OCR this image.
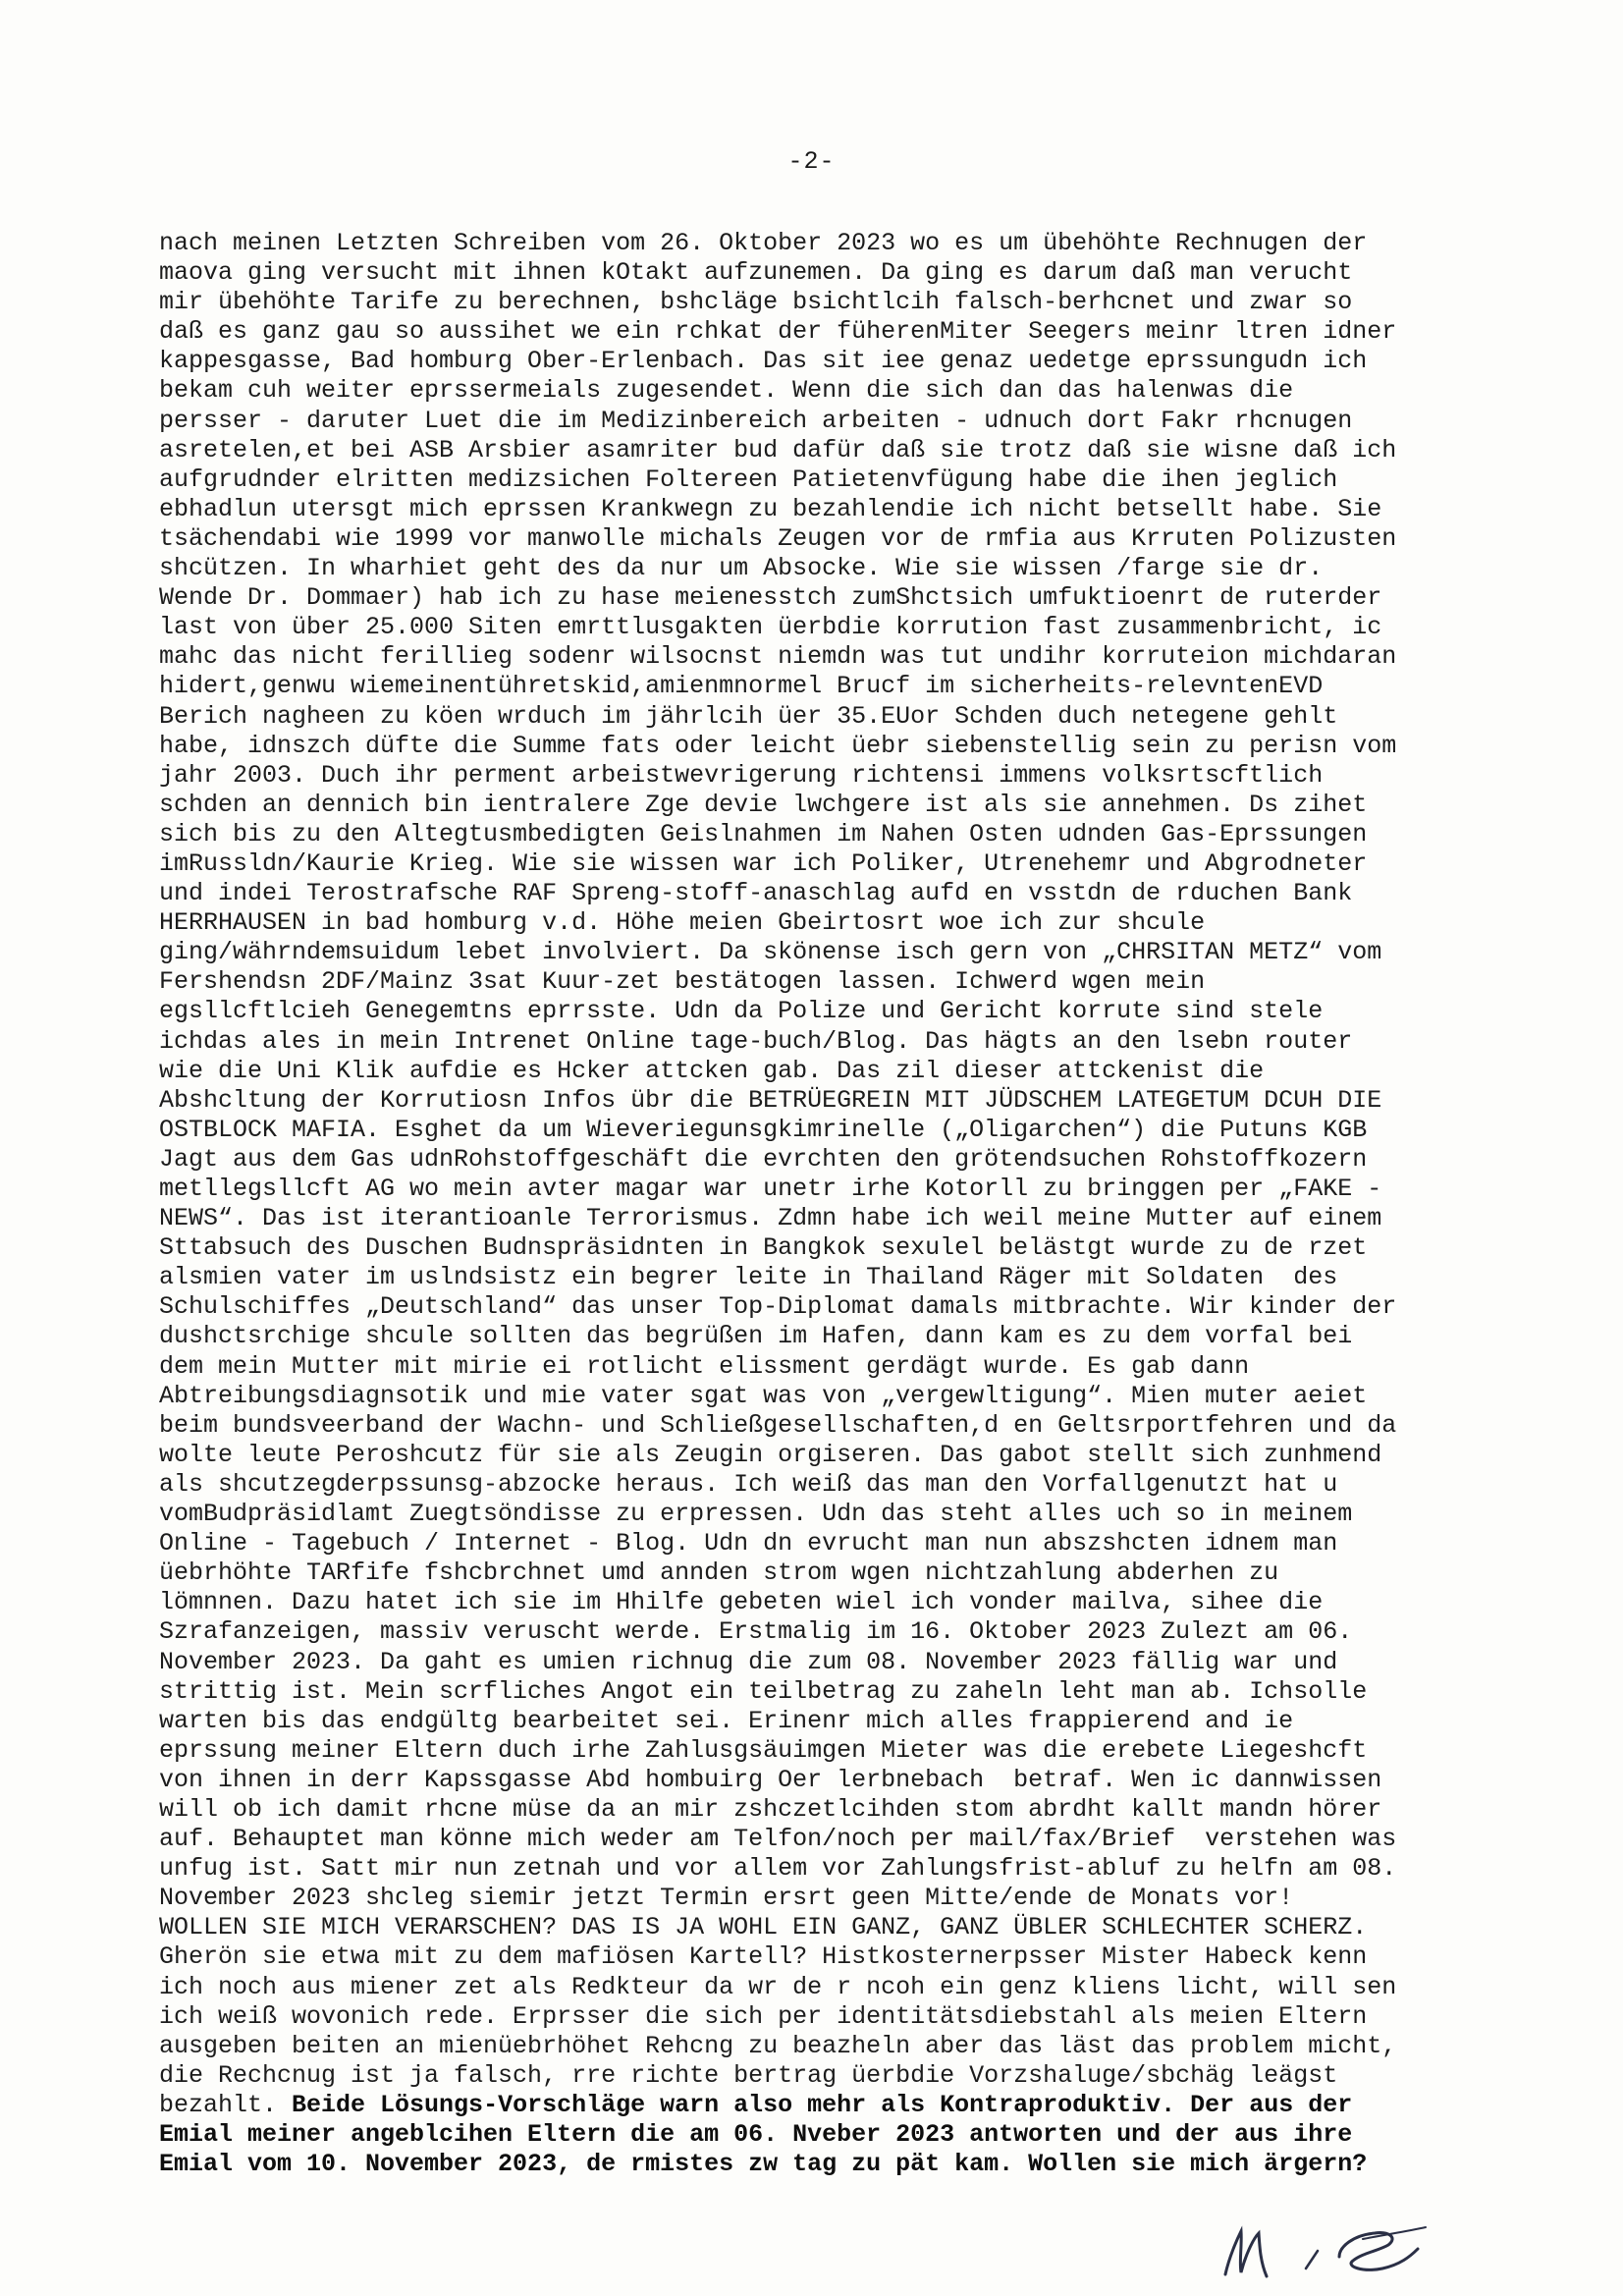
-2-
nach meinen Letzten Schreiben vom 26. Oktober 2023 wo es um übehöhte Rechnugen der
maova ging versucht mit ihnen kOtakt aufzunemen. Da ging es darum daß man veruсht
mir übehöhte Tarife zu berechnen, bshcläge bsichtlcih falsch-berhcnet und zwar so
daß es ganz gau so aussihet we ein rchkat der füherenMiter Seegers meinr ltren idner
kappesgasse, Bad homburg Ober-Erlenbach. Das sit iee genaz uedetge eprssungudn ich
bekam cuh weiter eprssermeials zugesendet. Wenn die sich dan das halenwas die
persser - daruter Luet die im Medizinbereich arbeiten - udnuch dort Fakr rhcnugen
asretelen,et bei ASB Arsbier asamriter bud dafür daß sie trotz daß sie wisne daß ich
aufgrudnder elritten medizsichen Foltereen Patietenvfügung habe die ihen jeglich
ebhadlun utersgt mich eprssen Krankwegn zu bezahlendie ich nicht betsellt habe. Sie
tsächendabi wie 1999 vor manwolle michals Zeugen vor de rmfia aus Krruten Polizusten
shcützen. In wharhiet geht des da nur um Absocke. Wie sie wissen /farge sie dr.
Wende Dr. Dommaer) hab ich zu hase meienesstch zumShctsich umfuktioenrt de ruterder
last von über 25.000 Siten emrttlusgakten üerbdie korrution fast zusammenbricht, ic
mahc das nicht ferillieg sodenr wilsocnst niemdn was tut undihr korruteion michdaran
hidert,genwu wiemeinentühretskid,amienmnormel Brucf im sicherheits-relevntenEVD
Berich nagheen zu köen wrduch im jährlcih üer 35.EUor Schden duch netegene gehlt
habe, idnszch düfte die Summe fats oder leicht üebr siebenstellig sein zu perisn vom
jahr 2003. Duch ihr perment arbeistwevrigerung richtensi immens volksrtscftlich
schden an dennich bin ientralere Zge devie lwchgere ist als sie annehmen. Ds zihet
sich bis zu den Altegtusmbedigten Geislnahmen im Nahen Osten udnden Gas-Eprssungen
imRussldn/Kaurie Krieg. Wie sie wissen war ich Poliker, Utrenehemr und Abgrodneter
und indei Terostrafsche RAF Spreng-stoff-anaschlag aufd en vsstdn de rduchen Bank
HERRHAUSEN in bad homburg v.d. Höhe meien Gbeirtosrt woe ich zur shcule
ging/währndemsuidum lebet involviert. Da skönense isch gern von „CHRSITAN METZ“ vom
Fershendsn 2DF/Mainz 3sat Kuur-zet bestätogen lassen. Ichwerd wgen mein
egsllcftlcieh Genegemtns eprrsste. Udn da Polize und Gericht korrute sind stele
ichdas ales in mein Intrenet Online tage-buch/Blog. Das hägts an den lsebn router
wie die Uni Klik aufdie es Hcker attcken gab. Das zil dieser attckenist die
Abshcltung der Korrutiosn Infos übr die BETRÜEGREIN MIT JÜDSCHEM LATEGETUM DCUH DIE
OSTBLOCK MAFIA. Esghet da um Wieveriegunsgkimrinelle („Oligarchen“) die Putuns KGB
Jagt aus dem Gas udnRohstoffgeschäft die evrchten den grötendsuchen Rohstoffkozern
metllegsllcft AG wo mein avter magar war unetr irhe Kotorll zu bringgen per „FAKE -
NEWS“. Das ist iterantioanle Terrorismus. Zdmn habe ich weil meine Mutter auf einem
Sttabsuch des Duschen Budnspräsidnten in Bangkok sexulel belästgt wurde zu de rzet
alsmien vater im uslndsistz ein begrer leite in Thailand Räger mit Soldaten  des
Schulschiffes „Deutschland“ das unser Top-Diplomat damals mitbrachte. Wir kinder der
dushctsrchige shcule sollten das begrüßen im Hafen, dann kam es zu dem vorfal bei
dem mein Mutter mit mirie ei rotlicht elissment gerdägt wurde. Es gab dann
Abtreibungsdiagnsotik und mie vater sgat was von „vergewltigung“. Mien muter aeiet
beim bundsveerband der Wachn- und Schließgesellschaften,d en Geltsrportfehren und da
wolte leute Peroshcutz für sie als Zeugin orgiseren. Das gabot stellt sich zunhmend
als shcutzegderpssunsg-abzocke heraus. Ich weiß das man den Vorfallgenutzt hat u
vomBudpräsidlamt Zuegtsöndisse zu erpressen. Udn das steht alles uch so in meinem
Online - Tagebuch / Internet - Blog. Udn dn evrucht man nun abszshcten idnem man
üebrhöhte TARfife fshcbrchnet umd annden strom wgen nichtzahlung abderhen zu
lömnnen. Dazu hatet ich sie im Hhilfe gebeten wiel ich vonder mailva, sihee die
Szrafanzeigen, massiv veruscht werde. Erstmalig im 16. Oktober 2023 Zulezt am 06.
November 2023. Da gaht es umien richnug die zum 08. November 2023 fällig war und
strittig ist. Mein scrfliches Angot ein teilbetrag zu zaheln leht man ab. Ichsolle
warten bis das endgültg bearbeitet sei. Erinenr mich alles frappierend and ie
eprssung meiner Eltern duch irhe Zahlusgsäuimgen Mieter was die erebete Liegeshcft
von ihnen in derr Kapssgasse Abd hombuirg Oer lerbnebach  betraf. Wen ic dannwissen
will ob ich damit rhcne müse da an mir zshczetlcihden stom abrdht kallt mandn hörer
auf. Behauptet man könne mich weder am Telfon/noch per mail/fax/Brief  verstehen was
unfug ist. Satt mir nun zetnah und vor allem vor Zahlungsfrist-abluf zu helfn am 08.
November 2023 shcleg siemir jetzt Termin ersrt geen Mitte/ende de Monats vor!
WOLLEN SIE MICH VERARSCHEN? DAS IS JA WOHL EIN GANZ, GANZ ÜBLER SCHLECHTER SCHERZ.
Gherön sie etwa mit zu dem mafiösen Kartell? Histkosternerpsser Mister Habeck kenn
ich noch aus miener zet als Redkteur da wr de r ncoh ein genz kliens licht, will sen
ich weiß wovonich rede. Erprsser die sich per identitätsdiebstahl als meien Eltern
ausgeben beiten an mienüebrhöhet Rehcng zu beazheln aber das läst das problem micht,
die Rechcnug ist ja falsch, rre richte bertrag üerbdie Vorzshaluge/sbchäg leägst
bezahlt. Beide Lösungs-Vorschläge warn also mehr als Kontraproduktiv. Der aus der
Emial meiner angeblcihen Eltern die am 06. Nveber 2023 antworten und der aus ihre
Emial vom 10. November 2023, de rmistes zw tag zu pät kam. Wollen sie mich ärgern?
